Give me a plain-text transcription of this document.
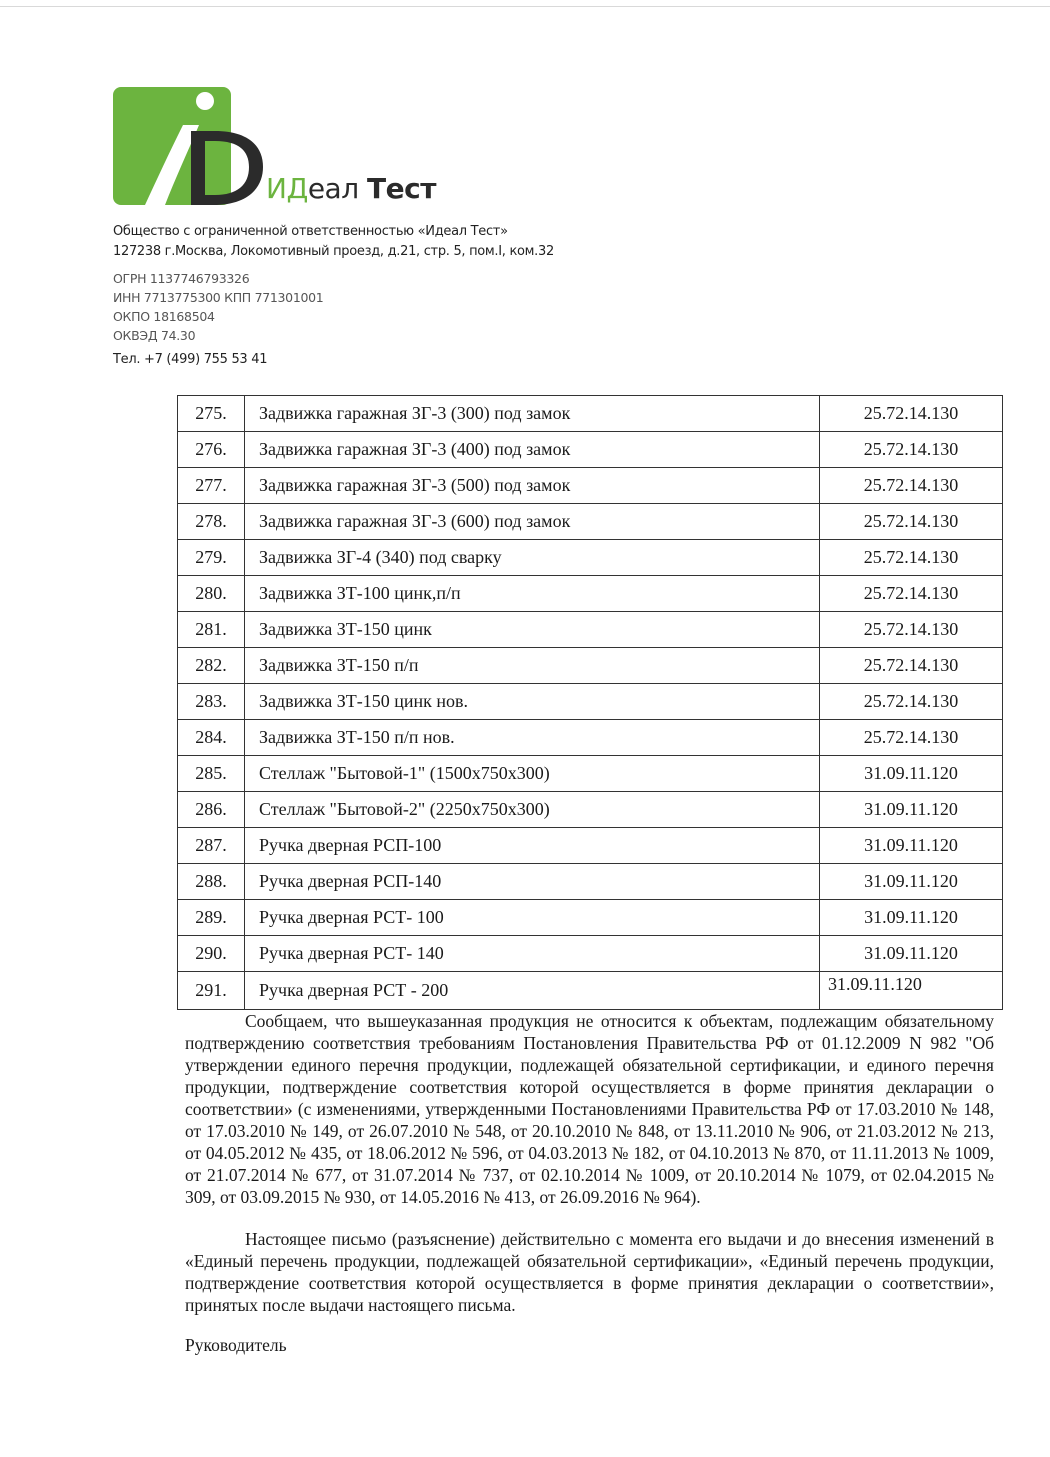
ИДеал Тест
Общество с ограниченной ответственностью «Идеал Тест»
127238 г.Москва, Локомотивный проезд, д.21, стр. 5, пом.I, ком.32
ОГРН 1137746793326
ИНН 7713775300 КПП 771301001
ОКПО 18168504
ОКВЭД 74.30
Тел. +7 (499) 755 53 41
275.	Задвижка гаражная ЗГ-3 (300) под замок	25.72.14.130
276.	Задвижка гаражная ЗГ-3 (400) под замок	25.72.14.130
277.	Задвижка гаражная ЗГ-3 (500) под замок	25.72.14.130
278.	Задвижка гаражная ЗГ-3 (600) под замок	25.72.14.130
279.	Задвижка ЗГ-4 (340) под сварку	25.72.14.130
280.	Задвижка ЗТ-100 цинк,п/п	25.72.14.130
281.	Задвижка ЗТ-150 цинк	25.72.14.130
282.	Задвижка ЗТ-150 п/п	25.72.14.130
283.	Задвижка ЗТ-150 цинк нов.	25.72.14.130
284.	Задвижка ЗТ-150 п/п нов.	25.72.14.130
285.	Стеллаж "Бытовой-1" (1500х750х300)	31.09.11.120
286.	Стеллаж "Бытовой-2" (2250х750х300)	31.09.11.120
287.	Ручка дверная РСП-100	31.09.11.120
288.	Ручка дверная РСП-140	31.09.11.120
289.	Ручка дверная РСТ- 100	31.09.11.120
290.	Ручка дверная РСТ- 140	31.09.11.120
291.	Ручка дверная РСТ - 200	31.09.11.120

Сообщаем, что вышеуказанная продукция не относится к объектам, подлежащим обязательному подтверждению соответствия требованиям Постановления Правительства РФ от 01.12.2009 N 982 "Об утверждении единого перечня продукции, подлежащей обязательной сертификации, и единого перечня продукции, подтверждение соответствия которой осуществляется в форме принятия декларации о соответствии» (с изменениями, утвержденными Постановлениями Правительства РФ от 17.03.2010 № 148, от 17.03.2010 № 149, от 26.07.2010 № 548, от 20.10.2010 № 848, от 13.11.2010 № 906, от 21.03.2012 № 213, от 04.05.2012 № 435, от 18.06.2012 № 596, от 04.03.2013 № 182, от 04.10.2013 № 870, от 11.11.2013 № 1009, от 21.07.2014 № 677, от 31.07.2014 № 737, от 02.10.2014 № 1009, от 20.10.2014 № 1079, от 02.04.2015 № 309, от 03.09.2015 № 930, от 14.05.2016 № 413, от 26.09.2016 № 964).

Настоящее письмо (разъяснение) действительно с момента его выдачи и до внесения изменений в «Единый перечень продукции, подлежащей обязательной сертификации», «Единый перечень продукции, подтверждение соответствия которой осуществляется в форме принятия декларации о соответствии», принятых после выдачи настоящего письма.

Руководитель
